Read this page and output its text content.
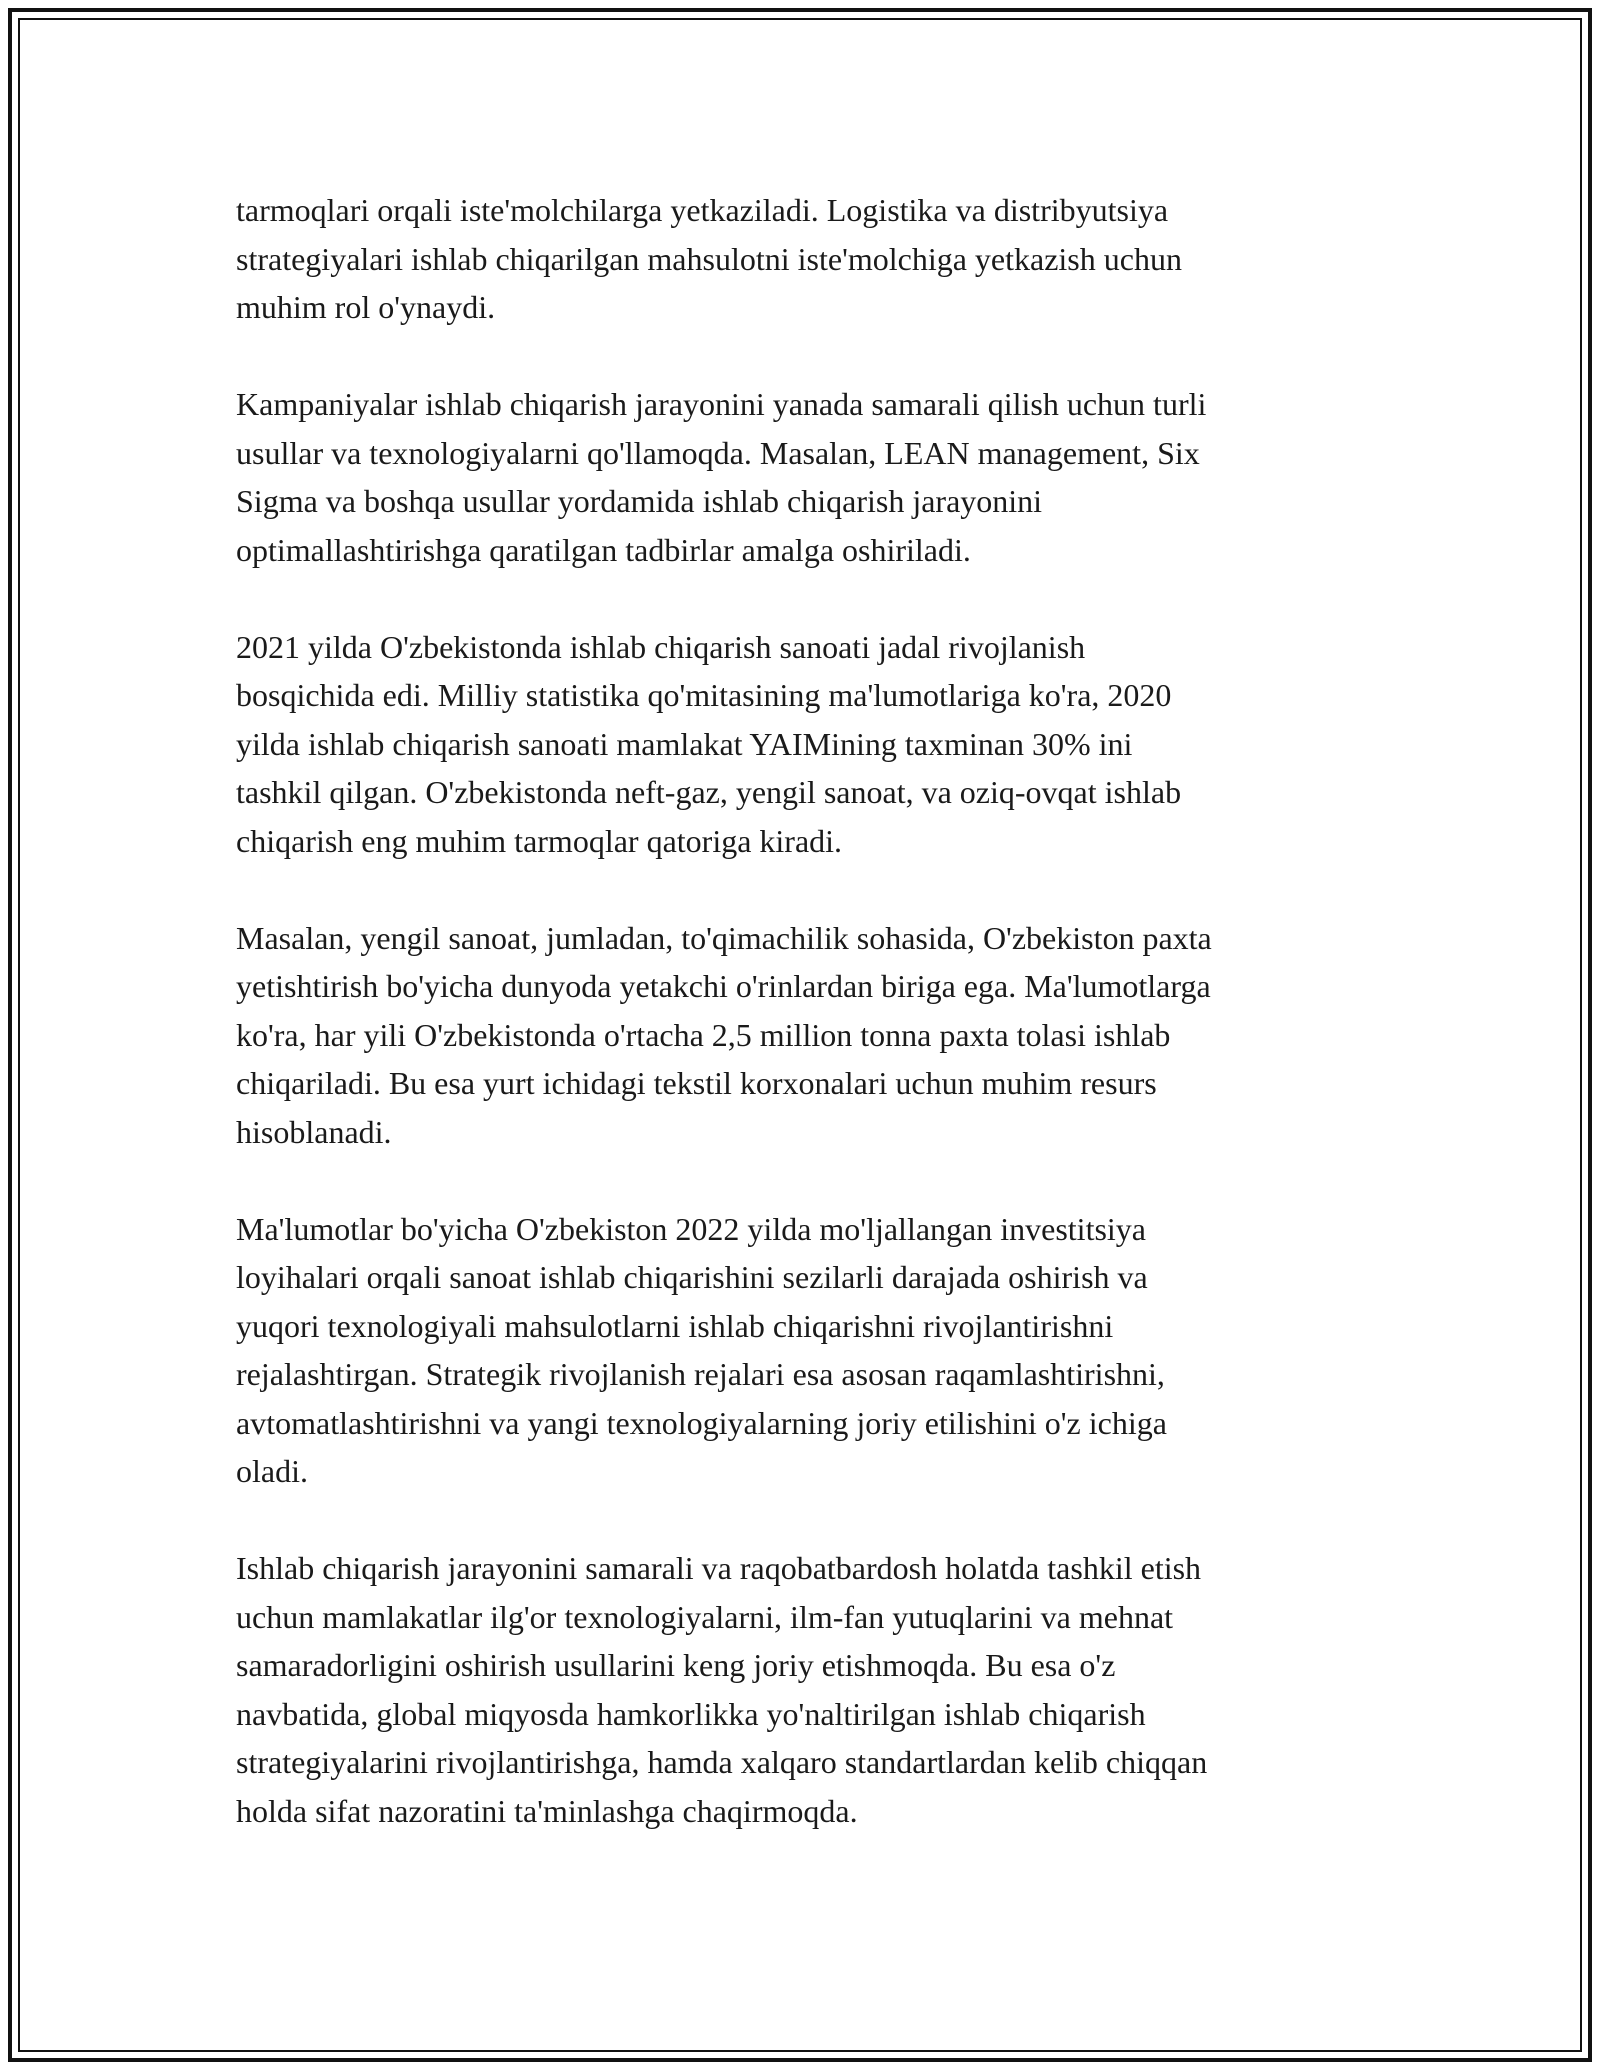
tarmoqlari orqali iste'molchilarga yetkaziladi. Logistika va distribyutsiya
strategiyalari ishlab chiqarilgan mahsulotni iste'molchiga yetkazish uchun
muhim rol o'ynaydi.

Kampaniyalar ishlab chiqarish jarayonini yanada samarali qilish uchun turli
usullar va texnologiyalarni qo'llamoqda. Masalan, LEAN management, Six
Sigma va boshqa usullar yordamida ishlab chiqarish jarayonini
optimallashtirishga qaratilgan tadbirlar amalga oshiriladi.

2021 yilda O'zbekistonda ishlab chiqarish sanoati jadal rivojlanish
bosqichida edi. Milliy statistika qo'mitasining ma'lumotlariga ko'ra, 2020
yilda ishlab chiqarish sanoati mamlakat YAIMining taxminan 30% ini
tashkil qilgan. O'zbekistonda neft-gaz, yengil sanoat, va oziq-ovqat ishlab
chiqarish eng muhim tarmoqlar qatoriga kiradi.

Masalan, yengil sanoat, jumladan, to'qimachilik sohasida, O'zbekiston paxta
yetishtirish bo'yicha dunyoda yetakchi o'rinlardan biriga ega. Ma'lumotlarga
ko'ra, har yili O'zbekistonda o'rtacha 2,5 million tonna paxta tolasi ishlab
chiqariladi. Bu esa yurt ichidagi tekstil korxonalari uchun muhim resurs
hisoblanadi.

Ma'lumotlar bo'yicha O'zbekiston 2022 yilda mo'ljallangan investitsiya
loyihalari orqali sanoat ishlab chiqarishini sezilarli darajada oshirish va
yuqori texnologiyali mahsulotlarni ishlab chiqarishni rivojlantirishni
rejalashtirgan. Strategik rivojlanish rejalari esa asosan raqamlashtirishni,
avtomatlashtirishni va yangi texnologiyalarning joriy etilishini o'z ichiga
oladi.

Ishlab chiqarish jarayonini samarali va raqobatbardosh holatda tashkil etish
uchun mamlakatlar ilg'or texnologiyalarni, ilm-fan yutuqlarini va mehnat
samaradorligini oshirish usullarini keng joriy etishmoqda. Bu esa o'z
navbatida, global miqyosda hamkorlikka yo'naltirilgan ishlab chiqarish
strategiyalarini rivojlantirishga, hamda xalqaro standartlardan kelib chiqqan
holda sifat nazoratini ta'minlashga chaqirmoqda.
